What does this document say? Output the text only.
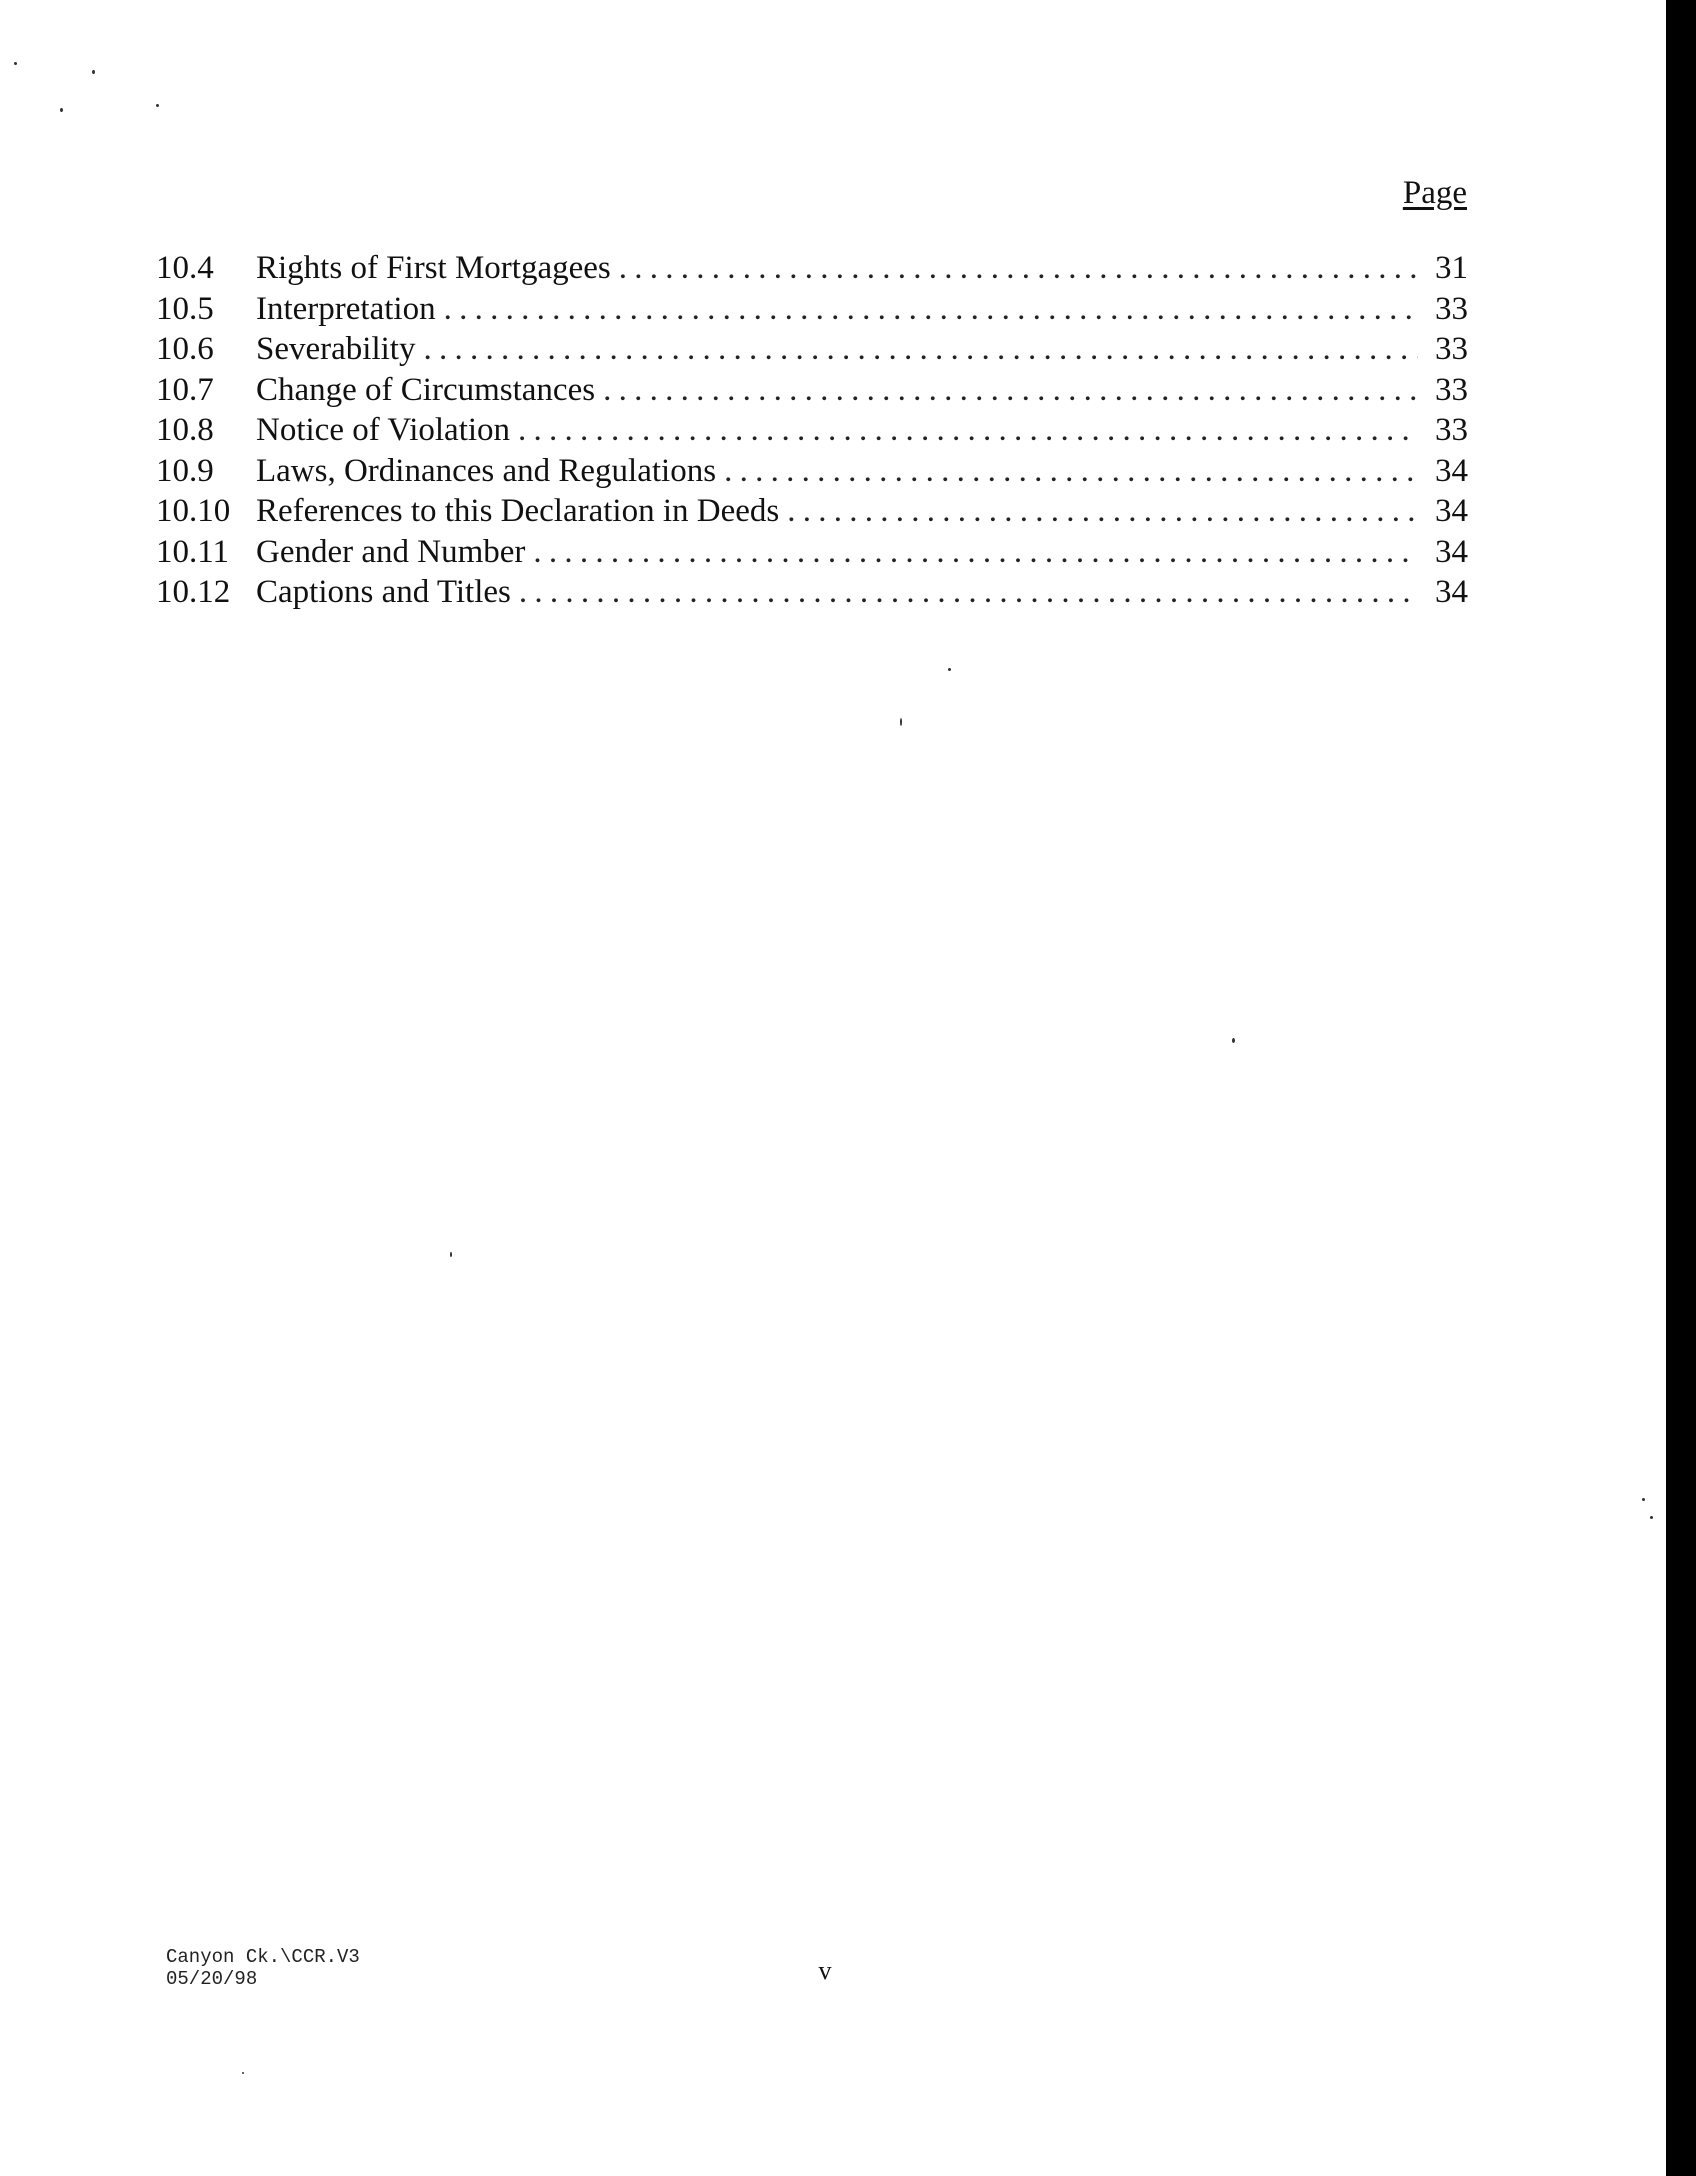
Page
10.4	Rights of First Mortgagees . . .	31
10.5	Interpretation . . .	33
10.6	Severability . . .	33
10.7	Change of Circumstances . . .	33
10.8	Notice of Violation . . .	33
10.9	Laws, Ordinances and Regulations . . .	34
10.10 References to this Declaration in Deeds . . .	34
10.11 Gender and Number . . .	34
10.12 Captions and Titles . . .	34
Canyon Ck.\CCR.V3
05/20/98	v
